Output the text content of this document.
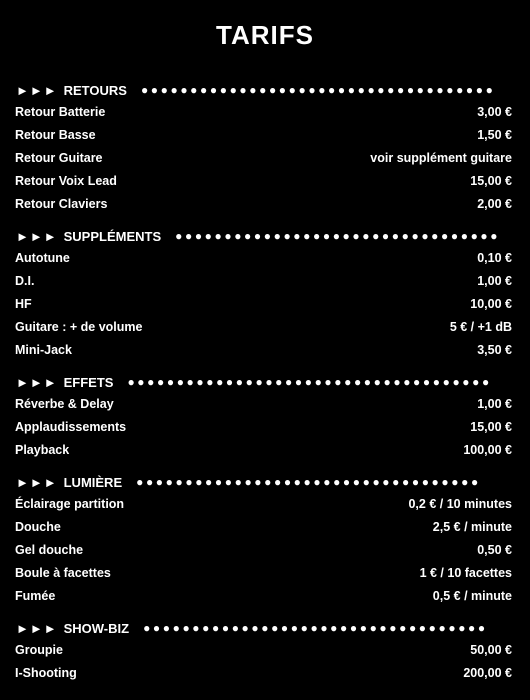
TARIFS
►►► RETOURS ●●●●●●●●●●●●●●●●●●●●●●●●●●●●●●●●●●●●
Retour Batterie	3,00 €
Retour Basse	1,50 €
Retour Guitare	voir supplément guitare
Retour Voix Lead	15,00 €
Retour Claviers	2,00 €
►►► SUPPLÉMENTS ●●●●●●●●●●●●●●●●●●●●●●●●●●●●●●●●●
Autotune	0,10 €
D.I.	1,00 €
HF	10,00 €
Guitare : + de volume	5 € / +1 dB
Mini-Jack	3,50 €
►►► EFFETS ●●●●●●●●●●●●●●●●●●●●●●●●●●●●●●●●●●●●●
Réverbe & Delay	1,00 €
Applaudissements	15,00 €
Playback	100,00 €
►►► LUMIÈRE ●●●●●●●●●●●●●●●●●●●●●●●●●●●●●●●●●●●
Éclairage partition	0,2 € / 10 minutes
Douche	2,5 € / minute
Gel douche	0,50 €
Boule à facettes	1 € / 10 facettes
Fumée	0,5 € / minute
►►► SHOW-BIZ ●●●●●●●●●●●●●●●●●●●●●●●●●●●●●●●●●●●
Groupie	50,00 €
I-Shooting	200,00 €
